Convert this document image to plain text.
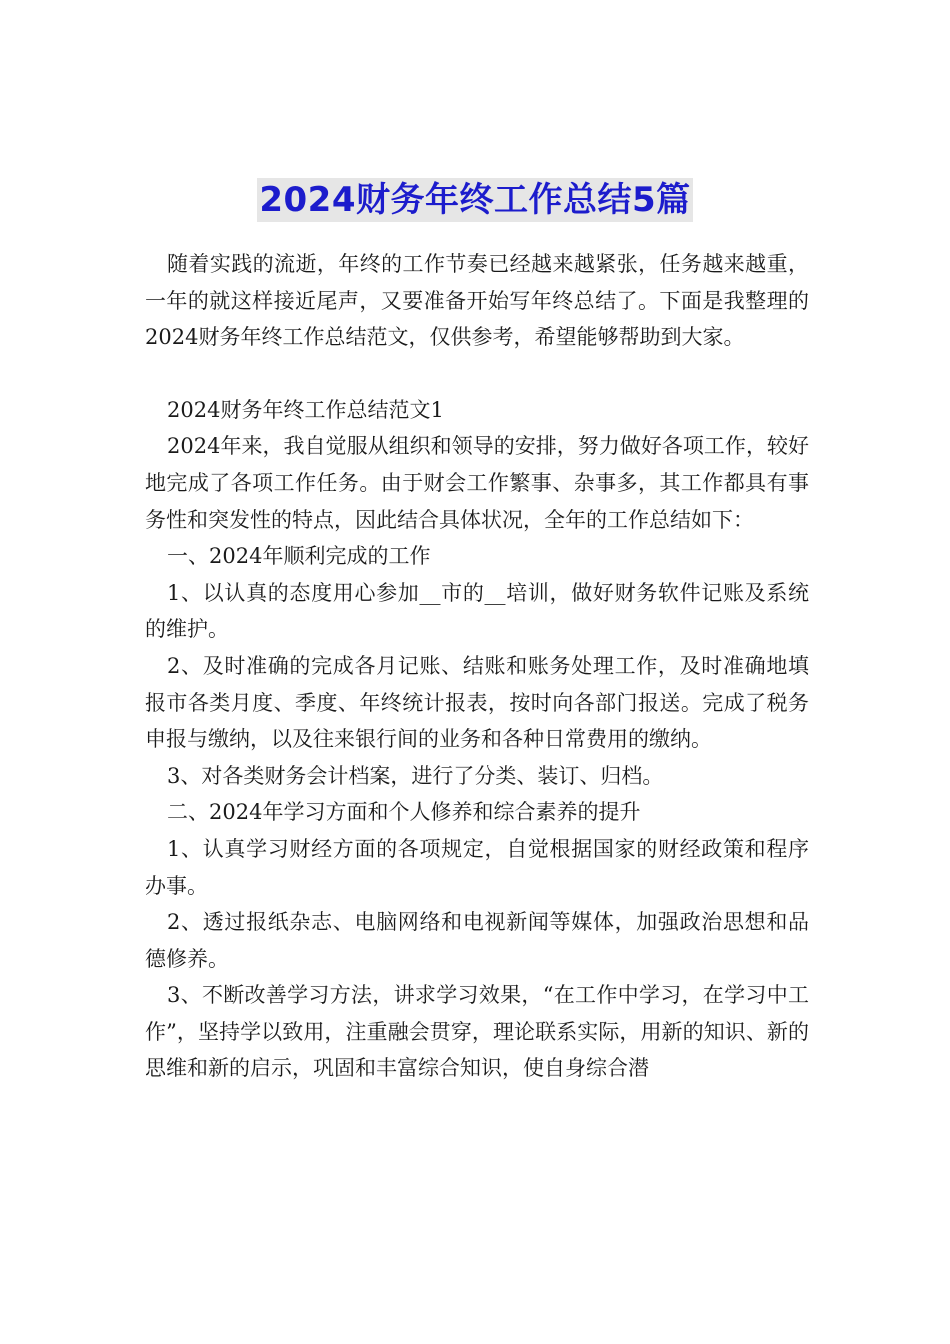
2024财务年终工作总结5篇

随着实践的流逝，年终的工作节奏已经越来越紧张，任务越来越重，一年的就这样接近尾声，又要准备开始写年终总结了。下面是我整理的2024财务年终工作总结范文，仅供参考，希望能够帮助到大家。

2024财务年终工作总结范文1

2024年来，我自觉服从组织和领导的安排，努力做好各项工作，较好地完成了各项工作任务。由于财会工作繁事、杂事多，其工作都具有事务性和突发性的特点，因此结合具体状况，全年的工作总结如下：

一、2024年顺利完成的工作

1、以认真的态度用心参加__市的__培训，做好财务软件记账及系统的维护。

2、及时准确的完成各月记账、结账和账务处理工作，及时准确地填报市各类月度、季度、年终统计报表，按时向各部门报送。完成了税务申报与缴纳，以及往来银行间的业务和各种日常费用的缴纳。

3、对各类财务会计档案，进行了分类、装订、归档。

二、2024年学习方面和个人修养和综合素养的提升

1、认真学习财经方面的各项规定，自觉根据国家的财经政策和程序办事。

2、透过报纸杂志、电脑网络和电视新闻等媒体，加强政治思想和品德修养。

3、不断改善学习方法，讲求学习效果，“在工作中学习，在学习中工作”，坚持学以致用，注重融会贯穿，理论联系实际，用新的知识、新的思维和新的启示，巩固和丰富综合知识，使自身综合潜
